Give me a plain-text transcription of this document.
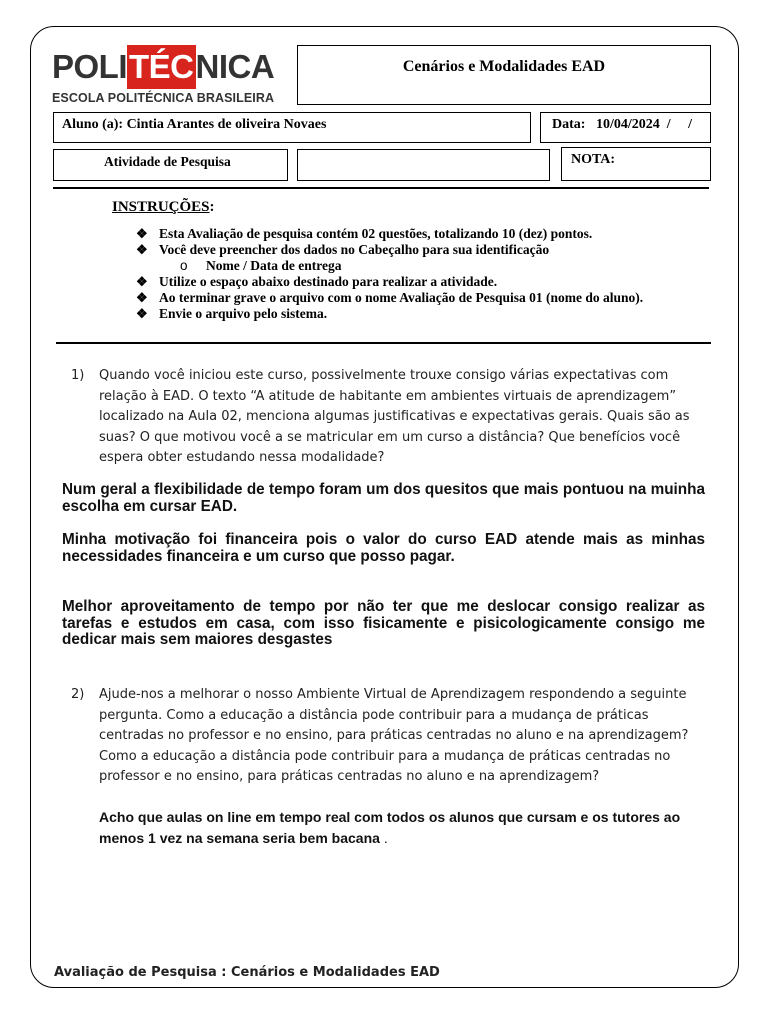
POLITÉCNICA
ESCOLA POLITÉCNICA BRASILEIRA
Cenários e Modalidades EAD
Aluno (a): Cintia Arantes de oliveira Novaes	Data: 10/04/2024  /     /
Atividade de Pesquisa	NOTA:
INSTRUÇÕES:
❖ Esta Avaliação de pesquisa contém 02 questões, totalizando 10 (dez) pontos.
❖ Você deve preencher dos dados no Cabeçalho para sua identificação
o Nome / Data de entrega
❖ Utilize o espaço abaixo destinado para realizar a atividade.
❖ Ao terminar grave o arquivo com o nome Avaliação de Pesquisa 01 (nome do aluno).
❖ Envie o arquivo pelo sistema.
1) Quando você iniciou este curso, possivelmente trouxe consigo várias expectativas com relação à EAD. O texto “A atitude de habitante em ambientes virtuais de aprendizagem” localizado na Aula 02, menciona algumas justificativas e expectativas gerais. Quais são as suas? O que motivou você a se matricular em um curso a distância? Que benefícios você espera obter estudando nessa modalidade?
Num geral a flexibilidade de tempo foram um dos quesitos que mais pontuou na muinha escolha em cursar EAD.
Minha motivação foi financeira pois o valor do curso EAD atende mais as minhas necessidades financeira e um curso que posso pagar.
Melhor aproveitamento de tempo por não ter que me deslocar consigo realizar as tarefas e estudos em casa, com isso fisicamente e pisicologicamente consigo me dedicar mais sem maiores desgastes
2) Ajude-nos a melhorar o nosso Ambiente Virtual de Aprendizagem respondendo a seguinte pergunta. Como a educação a distância pode contribuir para a mudança de práticas centradas no professor e no ensino, para práticas centradas no aluno e na aprendizagem?
Como a educação a distância pode contribuir para a mudança de práticas centradas no professor e no ensino, para práticas centradas no aluno e na aprendizagem?
Acho que aulas on line em tempo real com todos os alunos que cursam e os tutores ao menos 1 vez na semana seria bem bacana .
Avaliação de Pesquisa : Cenários e Modalidades EAD
